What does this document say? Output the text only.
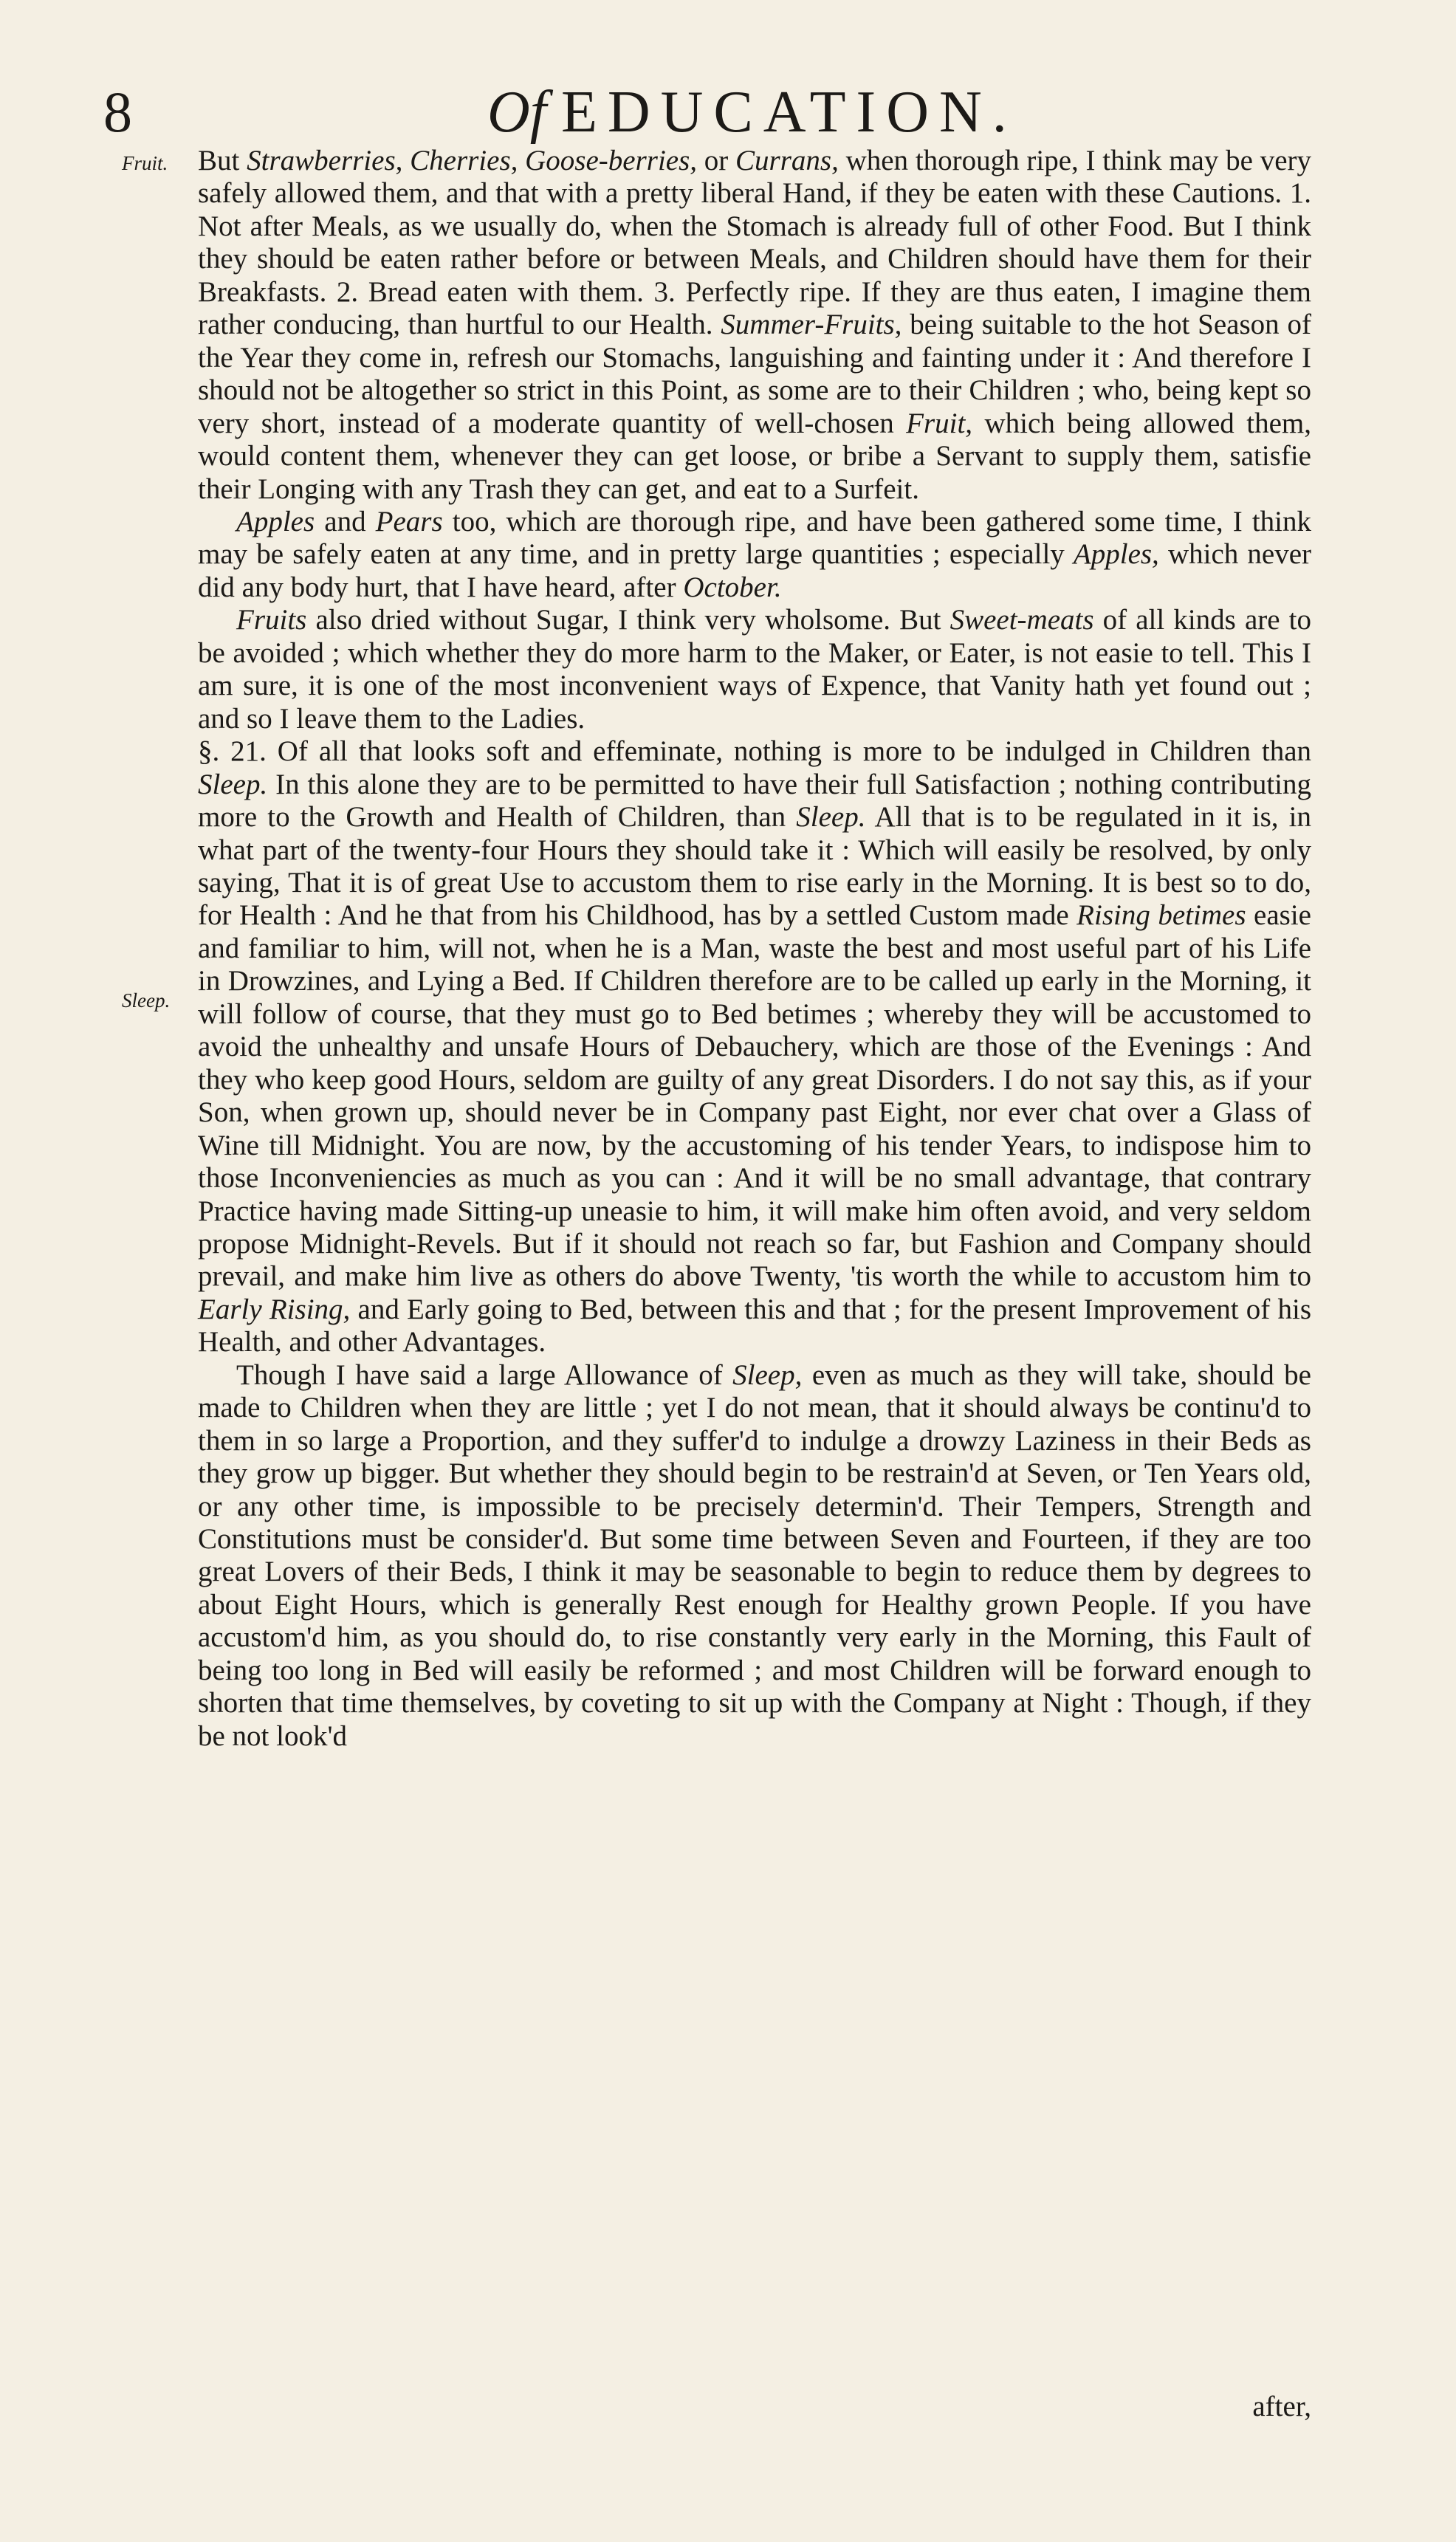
8	Of EDUCATION.
Fruit.
Sleep.

But Strawberries, Cherries, Goose-berries, or Currans, when thorough ripe, I think may be very safely allowed them, and that with a pretty liberal Hand, if they be eaten with these Cautions. 1. Not after Meals, as we usually do, when the Stomach is already full of other Food. But I think they should be eaten rather before or between Meals, and Children should have them for their Breakfasts. 2. Bread eaten with them. 3. Perfectly ripe. If they are thus eaten, I imagine them rather conducing, than hurtful to our Health. Summer-Fruits, being suitable to the hot Season of the Year they come in, refresh our Stomachs, languishing and fainting under it : And therefore I should not be altogether so strict in this Point, as some are to their Children ; who, being kept so very short, instead of a moderate quantity of well-chosen Fruit, which being allowed them, would content them, whenever they can get loose, or bribe a Servant to supply them, satisfie their Longing with any Trash they can get, and eat to a Surfeit.

Apples and Pears too, which are thorough ripe, and have been gathered some time, I think may be safely eaten at any time, and in pretty large quantities ; especially Apples, which never did any body hurt, that I have heard, after October.

Fruits also dried without Sugar, I think very wholsome. But Sweet-meats of all kinds are to be avoided ; which whether they do more harm to the Maker, or Eater, is not easie to tell. This I am sure, it is one of the most inconvenient ways of Expence, that Vanity hath yet found out ; and so I leave them to the Ladies.

§. 21. Of all that looks soft and effeminate, nothing is more to be indulged in Children than Sleep. In this alone they are to be permitted to have their full Satisfaction ; nothing contributing more to the Growth and Health of Children, than Sleep. All that is to be regulated in it is, in what part of the twenty-four Hours they should take it : Which will easily be resolved, by only saying, That it is of great Use to accustom them to rise early in the Morning. It is best so to do, for Health : And he that from his Childhood, has by a settled Custom made Rising betimes easie and familiar to him, will not, when he is a Man, waste the best and most useful part of his Life in Drowzines, and Lying a Bed. If Children therefore are to be called up early in the Morning, it will follow of course, that they must go to Bed betimes ; whereby they will be accustomed to avoid the unhealthy and unsafe Hours of Debauchery, which are those of the Evenings : And they who keep good Hours, seldom are guilty of any great Disorders. I do not say this, as if your Son, when grown up, should never be in Company past Eight, nor ever chat over a Glass of Wine till Midnight. You are now, by the accustoming of his tender Years, to indispose him to those Inconveniencies as much as you can : And it will be no small advantage, that contrary Practice having made Sitting-up uneasie to him, it will make him often avoid, and very seldom propose Midnight-Revels. But if it should not reach so far, but Fashion and Company should prevail, and make him live as others do above Twenty, 'tis worth the while to accustom him to Early Rising, and Early going to Bed, between this and that ; for the present Improvement of his Health, and other Advantages.

Though I have said a large Allowance of Sleep, even as much as they will take, should be made to Children when they are little ; yet I do not mean, that it should always be continu'd to them in so large a Proportion, and they suffer'd to indulge a drowzy Laziness in their Beds as they grow up bigger. But whether they should begin to be restrain'd at Seven, or Ten Years old, or any other time, is impossible to be precisely determin'd. Their Tempers, Strength and Constitutions must be consider'd. But some time between Seven and Fourteen, if they are too great Lovers of their Beds, I think it may be seasonable to begin to reduce them by degrees to about Eight Hours, which is generally Rest enough for Healthy grown People. If you have accustom'd him, as you should do, to rise constantly very early in the Morning, this Fault of being too long in Bed will easily be reformed ; and most Children will be forward enough to shorten that time themselves, by coveting to sit up with the Company at Night : Though, if they be not look'd

after,
